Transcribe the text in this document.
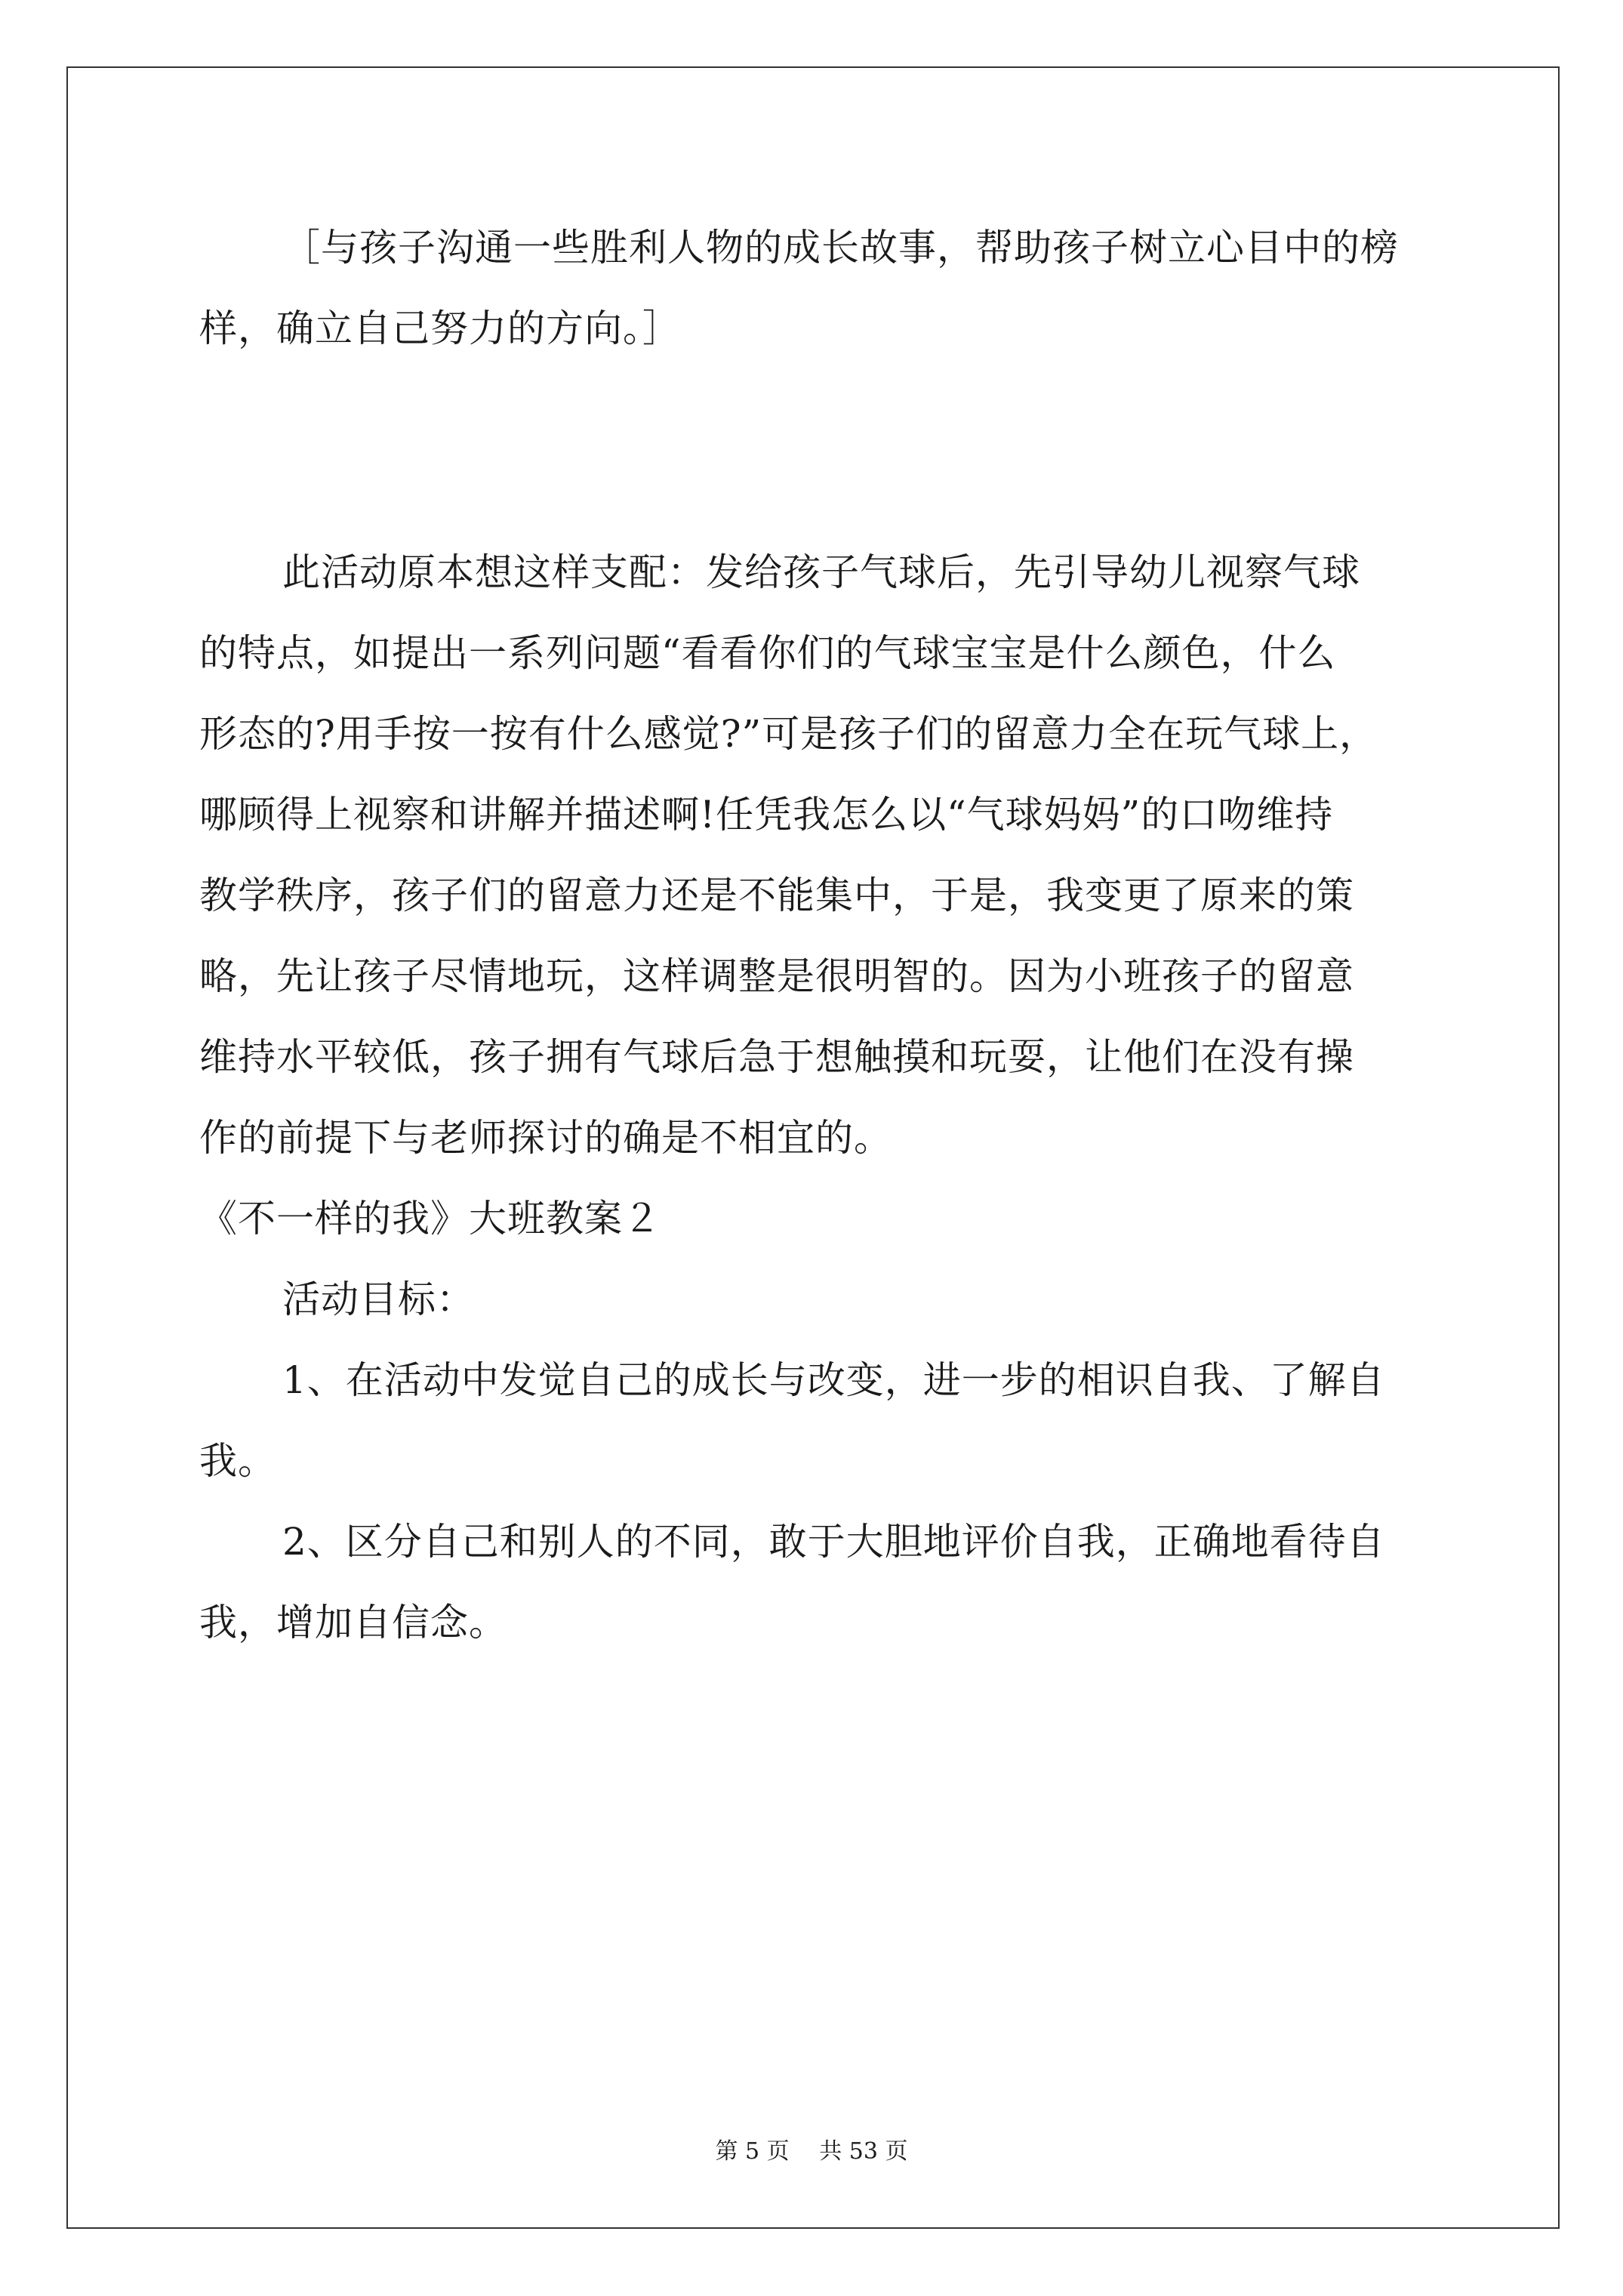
［与孩子沟通一些胜利人物的成长故事，帮助孩子树立心目中的榜
样，确立自己努力的方向。］
此活动原本想这样支配：发给孩子气球后，先引导幼儿视察气球
的特点，如提出一系列问题“看看你们的气球宝宝是什么颜色，什么
形态的?用手按一按有什么感觉?”可是孩子们的留意力全在玩气球上，
哪顾得上视察和讲解并描述啊!任凭我怎么以“气球妈妈”的口吻维持
教学秩序，孩子们的留意力还是不能集中，于是，我变更了原来的策
略，先让孩子尽情地玩，这样调整是很明智的。因为小班孩子的留意
维持水平较低，孩子拥有气球后急于想触摸和玩耍，让他们在没有操
作的前提下与老师探讨的确是不相宜的。
《不一样的我》大班教案２
活动目标：
1、在活动中发觉自己的成长与改变，进一步的相识自我、了解自
我。
2、区分自己和别人的不同，敢于大胆地评价自我，正确地看待自
我，增加自信念。
第 5 页　 共 53 页
